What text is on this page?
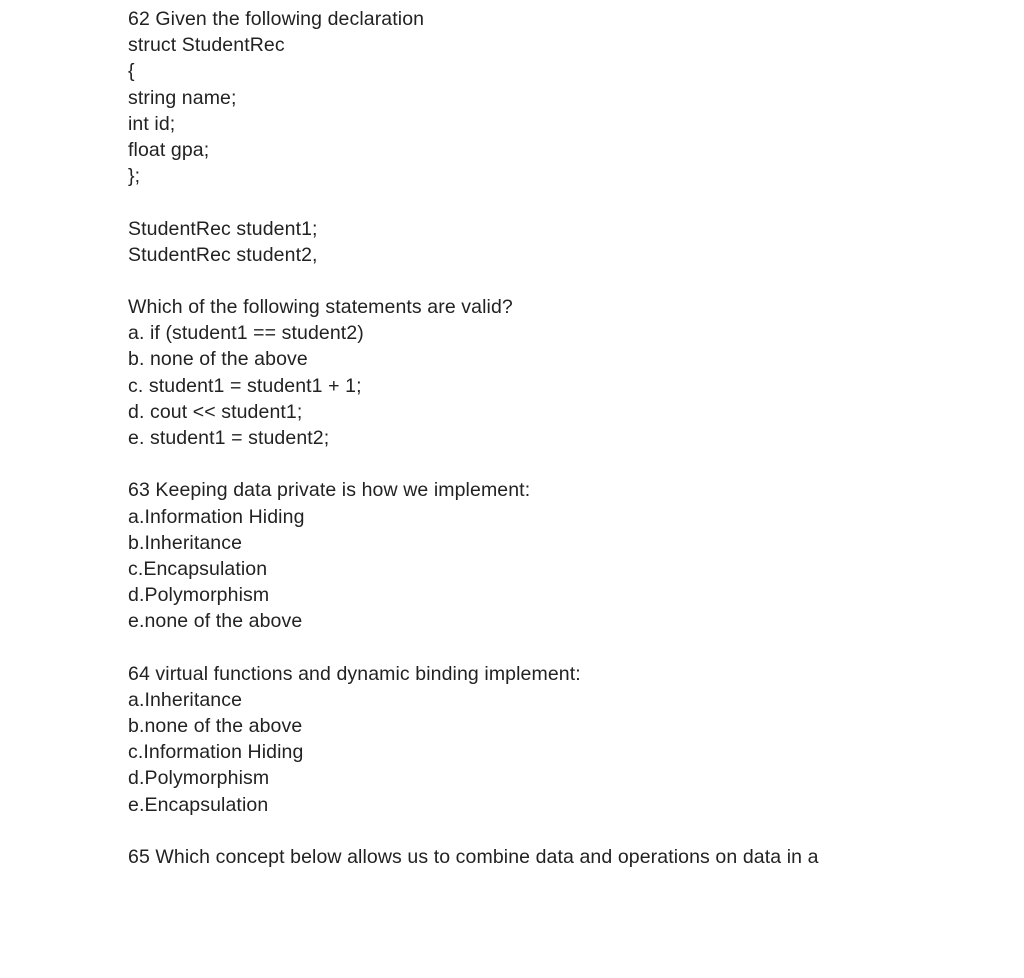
62 Given the following declaration
struct StudentRec
{
string name;
int id;
float gpa;
};
StudentRec student1;
StudentRec student2,
Which of the following statements are valid?
a. if (student1 == student2)
b. none of the above
c. student1 = student1 + 1;
d. cout << student1;
e. student1 = student2;
63 Keeping data private is how we implement:
a.Information Hiding
b.Inheritance
c.Encapsulation
d.Polymorphism
e.none of the above
64 virtual functions and dynamic binding implement:
a.Inheritance
b.none of the above
c.Information Hiding
d.Polymorphism
e.Encapsulation
65 Which concept below allows us to combine data and operations on data in a
